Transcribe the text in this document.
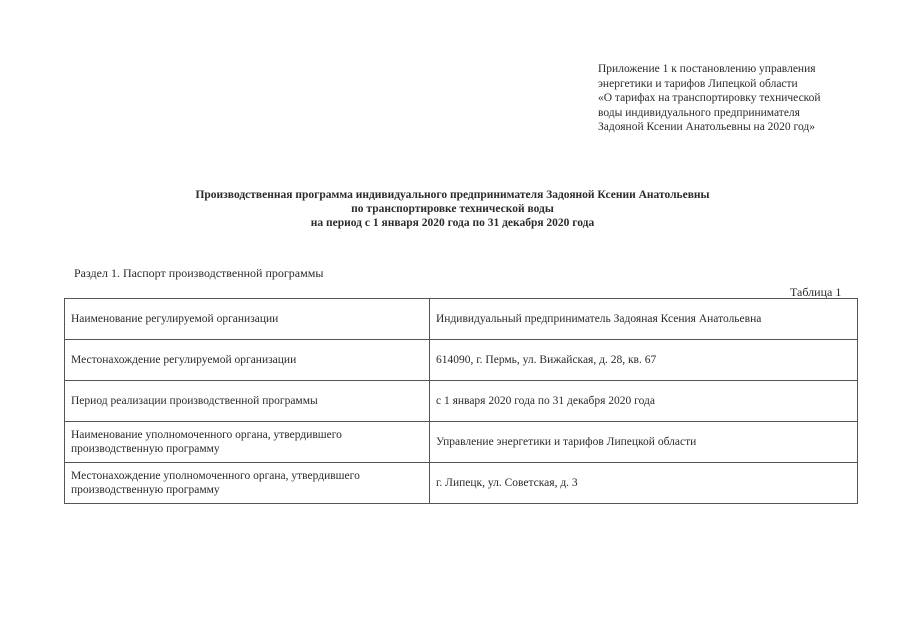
Приложение 1 к постановлению управления
энергетики и тарифов Липецкой области
«О тарифах на транспортировку технической
воды индивидуального предпринимателя
Задояной Ксении Анатольевны на 2020 год»
Производственная программа индивидуального предпринимателя Задояной Ксении Анатольевны
по транспортировке технической воды
на период с 1 января 2020 года по 31 декабря 2020 года
Раздел 1. Паспорт производственной программы
Таблица 1
Наименование регулируемой организации	Индивидуальный предприниматель Задояная Ксения Анатольевна
Местонахождение регулируемой организации	614090, г. Пермь, ул. Вижайская, д. 28, кв. 67
Период реализации производственной программы	с 1 января 2020 года по 31 декабря 2020 года
Наименование уполномоченного органа, утвердившего производственную программу	Управление энергетики и тарифов Липецкой области
Местонахождение уполномоченного органа, утвердившего производственную программу	г. Липецк, ул. Советская, д. 3
